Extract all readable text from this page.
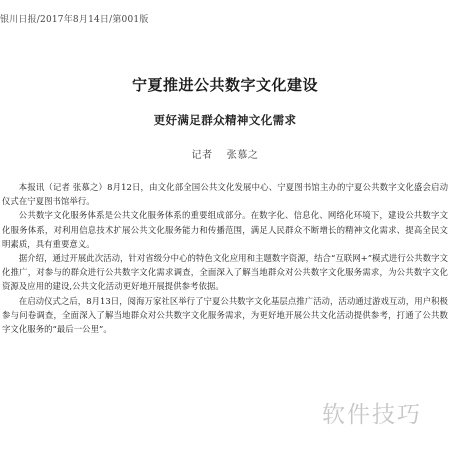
银川日报/2017年8月14日/第001版
宁夏推进公共数字文化建设
更好满足群众精神文化需求
记者 张慕之

本报讯（记者 张慕之）8月12日，由文化部全国公共文化发展中心、宁夏图书馆主办的宁夏公共数字文化盛会启动仪式在宁夏图书馆举行。

公共数字文化服务体系是公共文化服务体系的重要组成部分。在数字化、信息化、网络化环境下，建设公共数字文化服务体系，对利用信息技术扩展公共文化服务能力和传播范围，满足人民群众不断增长的精神文化需求、提高全民文明素质，具有重要意义。

据介绍，通过开展此次活动，针对省级分中心的特色文化应用和主题数字资源，结合“互联网+”模式进行公共数字文化推广，对参与的群众进行公共数字文化需求调查，全面深入了解当地群众对公共数字文化服务需求，为公共数字文化资源及应用的建设,公共文化活动更好地开展提供参考依据。

在启动仪式之后，8月13日，阅海万家社区举行了宁夏公共数字文化基层点推广活动，活动通过游戏互动，用户积极参与问卷调查，全面深入了解当地群众对公共数字文化服务需求，为更好地开展公共文化活动提供参考，打通了公共数字文化服务的“最后一公里”。

软件技巧
